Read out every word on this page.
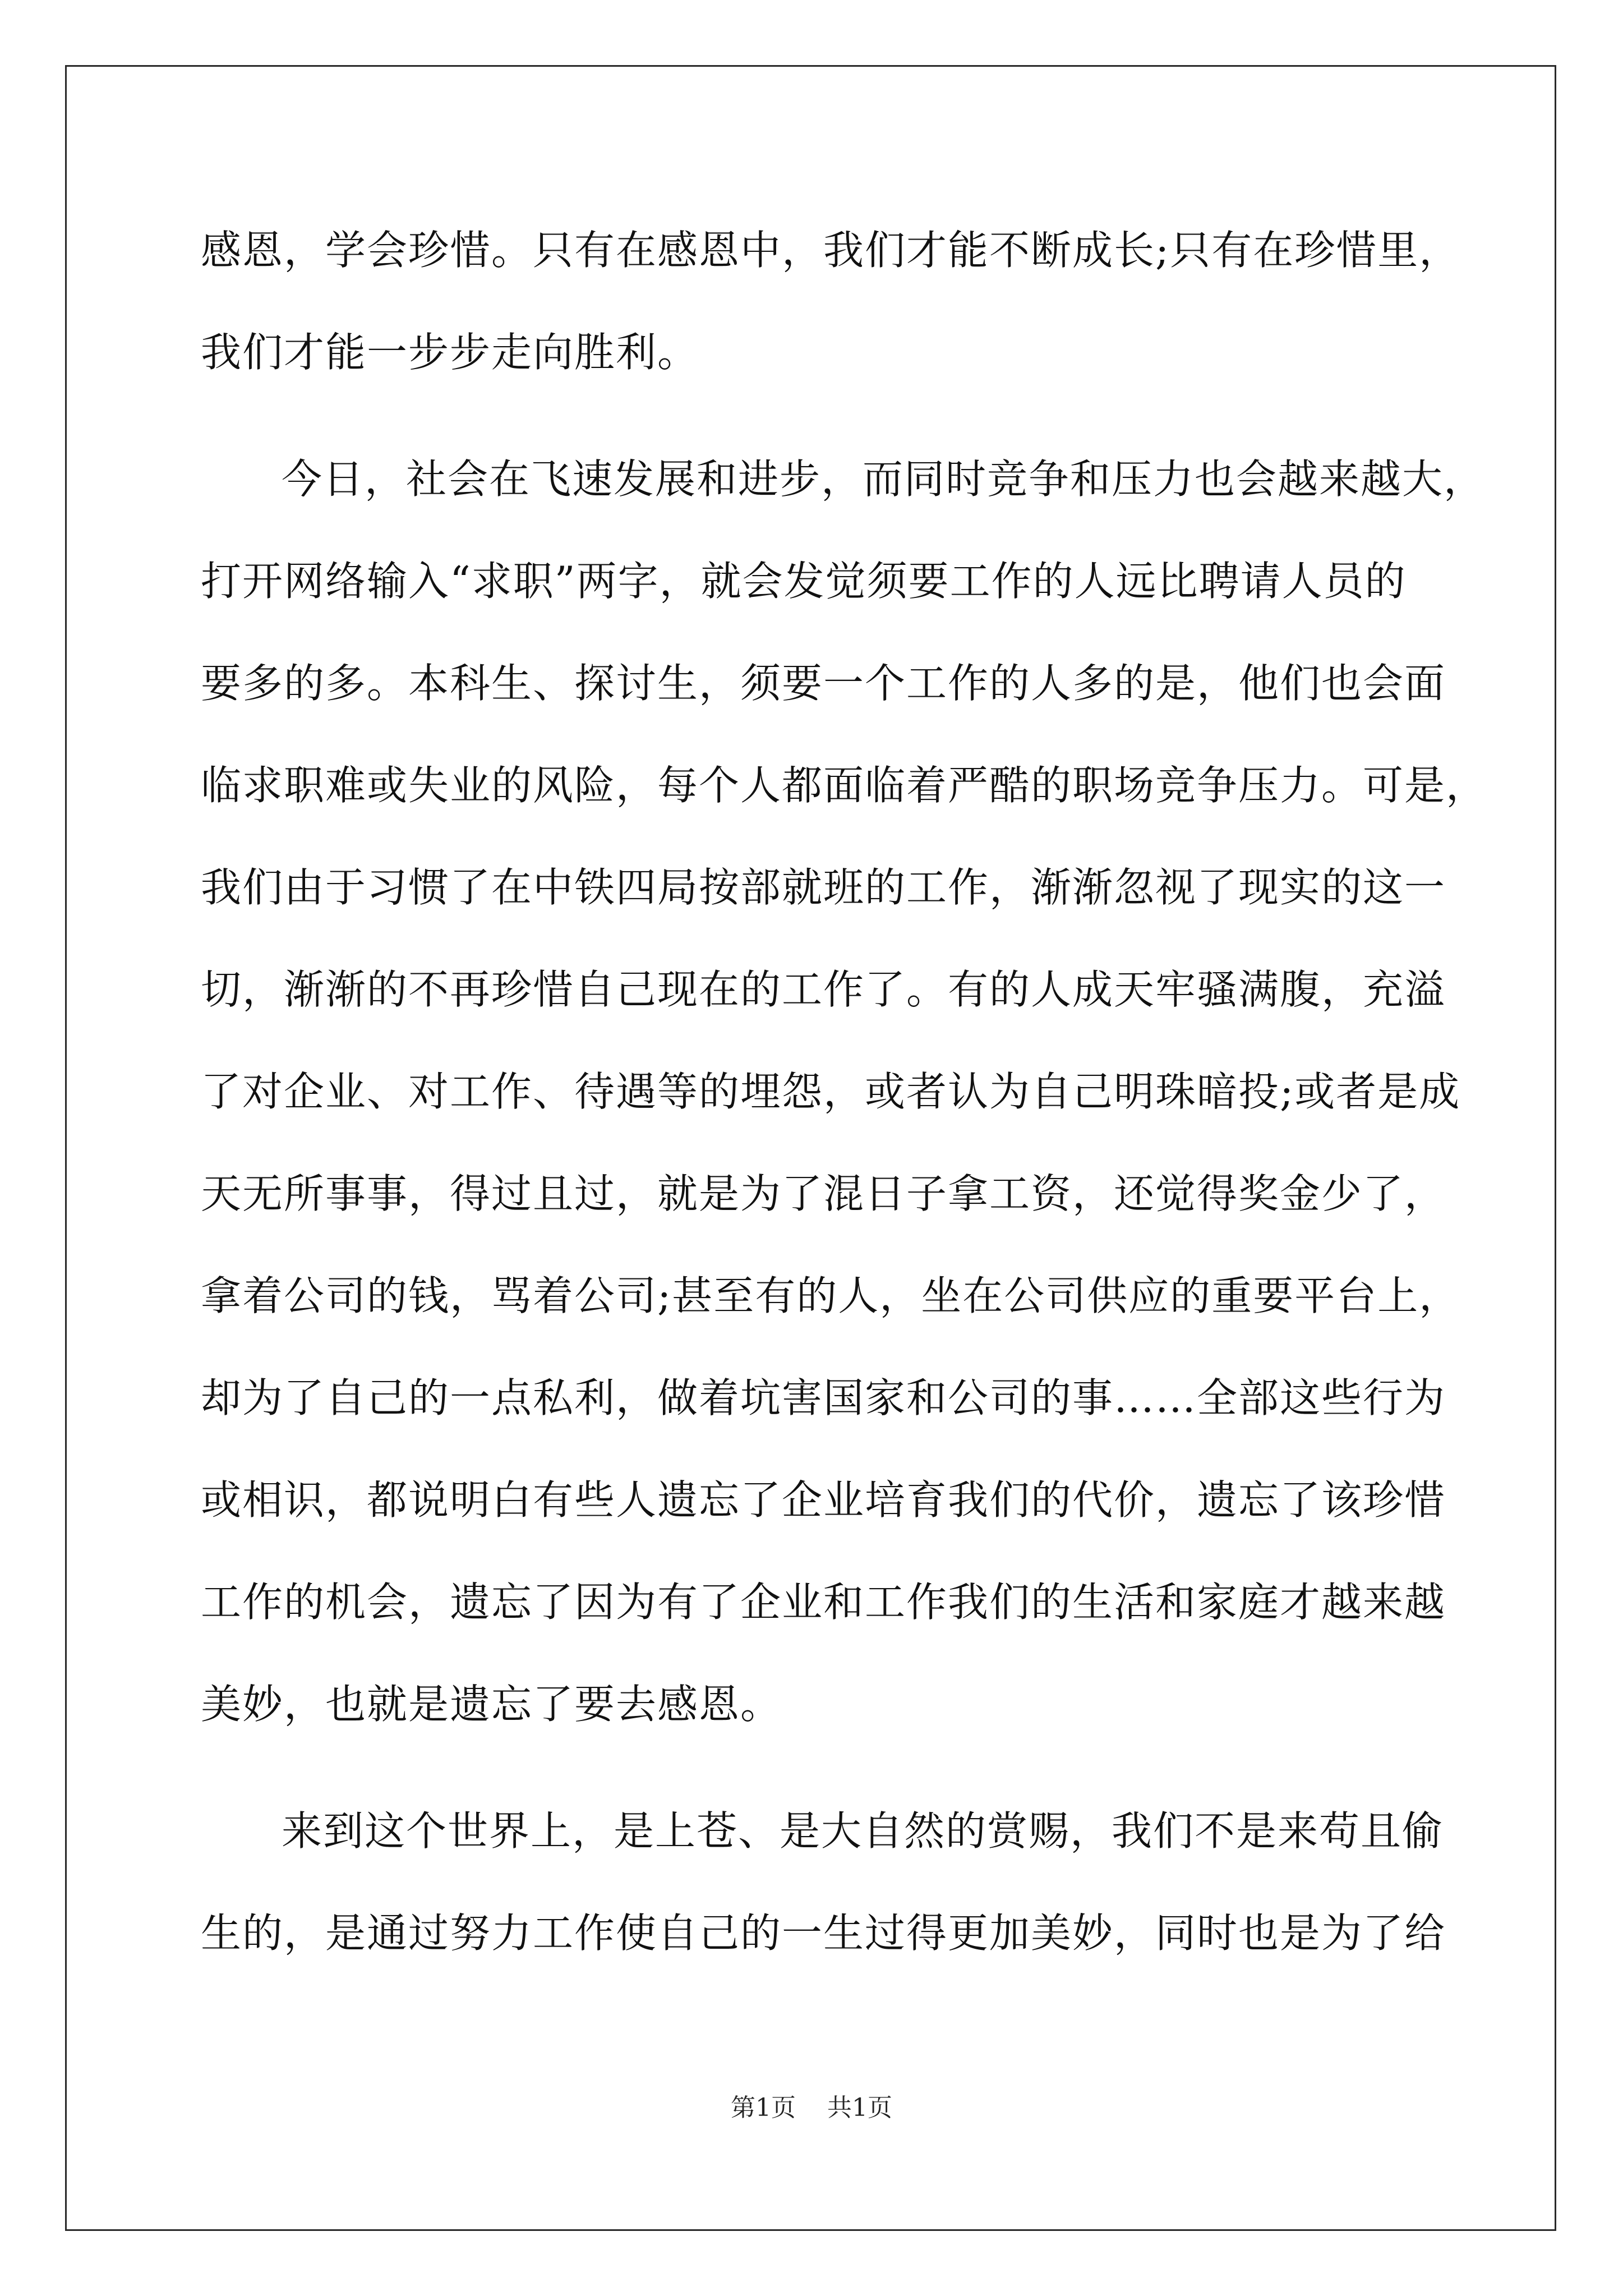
感恩，学会珍惜。只有在感恩中，我们才能不断成长;只有在珍惜里，
我们才能一步步走向胜利。
今日，社会在飞速发展和进步，而同时竞争和压力也会越来越大，
打开网络输入“求职”两字，就会发觉须要工作的人远比聘请人员的
要多的多。本科生、探讨生，须要一个工作的人多的是，他们也会面
临求职难或失业的风险，每个人都面临着严酷的职场竞争压力。可是，
我们由于习惯了在中铁四局按部就班的工作，渐渐忽视了现实的这一
切，渐渐的不再珍惜自己现在的工作了。有的人成天牢骚满腹，充溢
了对企业、对工作、待遇等的埋怨，或者认为自己明珠暗投;或者是成
天无所事事，得过且过，就是为了混日子拿工资，还觉得奖金少了，
拿着公司的钱，骂着公司;甚至有的人，坐在公司供应的重要平台上，
却为了自己的一点私利，做着坑害国家和公司的事……全部这些行为
或相识，都说明白有些人遗忘了企业培育我们的代价，遗忘了该珍惜
工作的机会，遗忘了因为有了企业和工作我们的生活和家庭才越来越
美妙，也就是遗忘了要去感恩。
来到这个世界上，是上苍、是大自然的赏赐，我们不是来苟且偷
生的，是通过努力工作使自己的一生过得更加美妙，同时也是为了给
第1页 共1页
